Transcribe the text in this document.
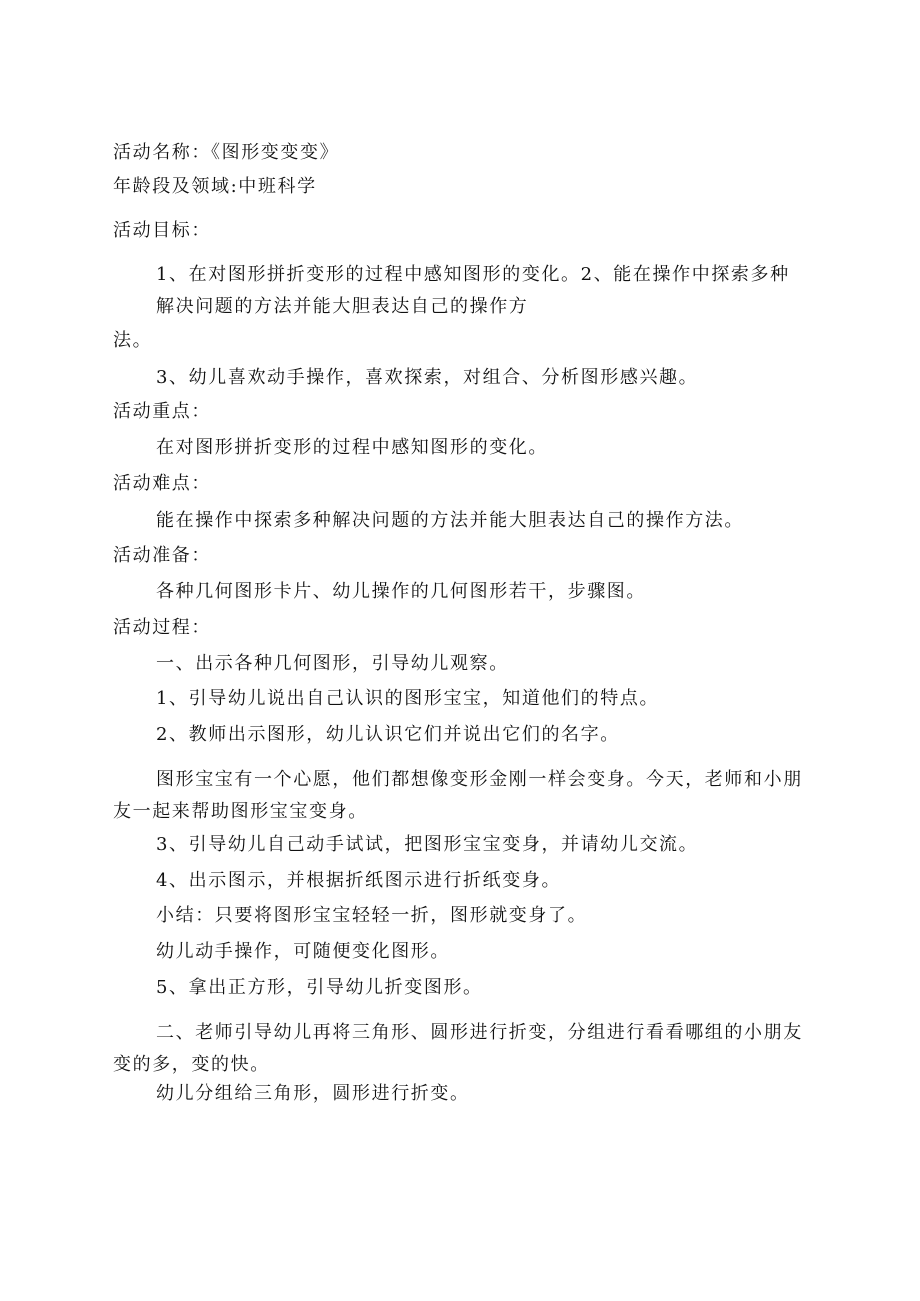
活动名称：《图形变变变》
年龄段及领域:中班科学
活动目标：
1、在对图形拼折变形的过程中感知图形的变化。2、能在操作中探索多种
解决问题的方法并能大胆表达自己的操作方
法。
3、幼儿喜欢动手操作，喜欢探索，对组合、分析图形感兴趣。
活动重点：
在对图形拼折变形的过程中感知图形的变化。
活动难点：
能在操作中探索多种解决问题的方法并能大胆表达自己的操作方法。
活动准备：
各种几何图形卡片、幼儿操作的几何图形若干，步骤图。
活动过程：
一、出示各种几何图形，引导幼儿观察。
1、引导幼儿说出自己认识的图形宝宝，知道他们的特点。
2、教师出示图形，幼儿认识它们并说出它们的名字。
图形宝宝有一个心愿，他们都想像变形金刚一样会变身。今天，老师和小朋友一起来帮助图形宝宝变身。
3、引导幼儿自己动手试试，把图形宝宝变身，并请幼儿交流。
4、出示图示，并根据折纸图示进行折纸变身。
小结：只要将图形宝宝轻轻一折，图形就变身了。
幼儿动手操作，可随便变化图形。
5、拿出正方形，引导幼儿折变图形。
二、老师引导幼儿再将三角形、圆形进行折变，分组进行看看哪组的小朋友变的多，变的快。
幼儿分组给三角形，圆形进行折变。
